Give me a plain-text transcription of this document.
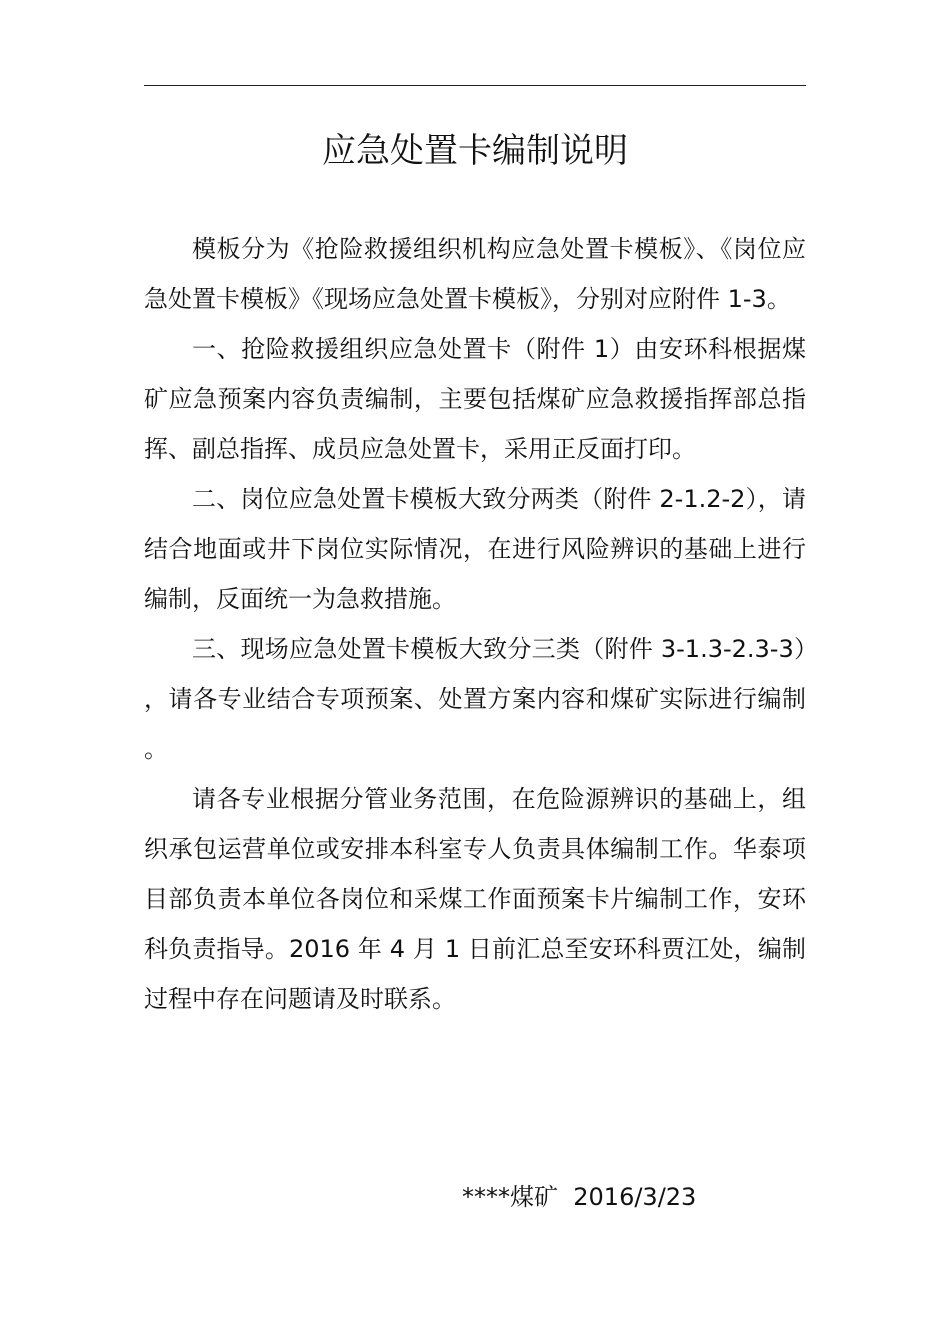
应急处置卡编制说明

模板分为《抢险救援组织机构应急处置卡模板》、《岗位应急处置卡模板》《现场应急处置卡模板》，分别对应附件 1-3。

一、抢险救援组织应急处置卡（附件 1）由安环科根据煤矿应急预案内容负责编制，主要包括煤矿应急救援指挥部总指挥、副总指挥、成员应急处置卡，采用正反面打印。

二、岗位应急处置卡模板大致分两类（附件 2-1.2-2），请结合地面或井下岗位实际情况，在进行风险辨识的基础上进行编制，反面统一为急救措施。

三、现场应急处置卡模板大致分三类（附件 3-1.3-2.3-3），请各专业结合专项预案、处置方案内容和煤矿实际进行编制。

请各专业根据分管业务范围，在危险源辨识的基础上，组织承包运营单位或安排本科室专人负责具体编制工作。华泰项目部负责本单位各岗位和采煤工作面预案卡片编制工作，安环科负责指导。2016 年 4 月 1 日前汇总至安环科贾江处，编制过程中存在问题请及时联系。

****煤矿  2016/3/23
